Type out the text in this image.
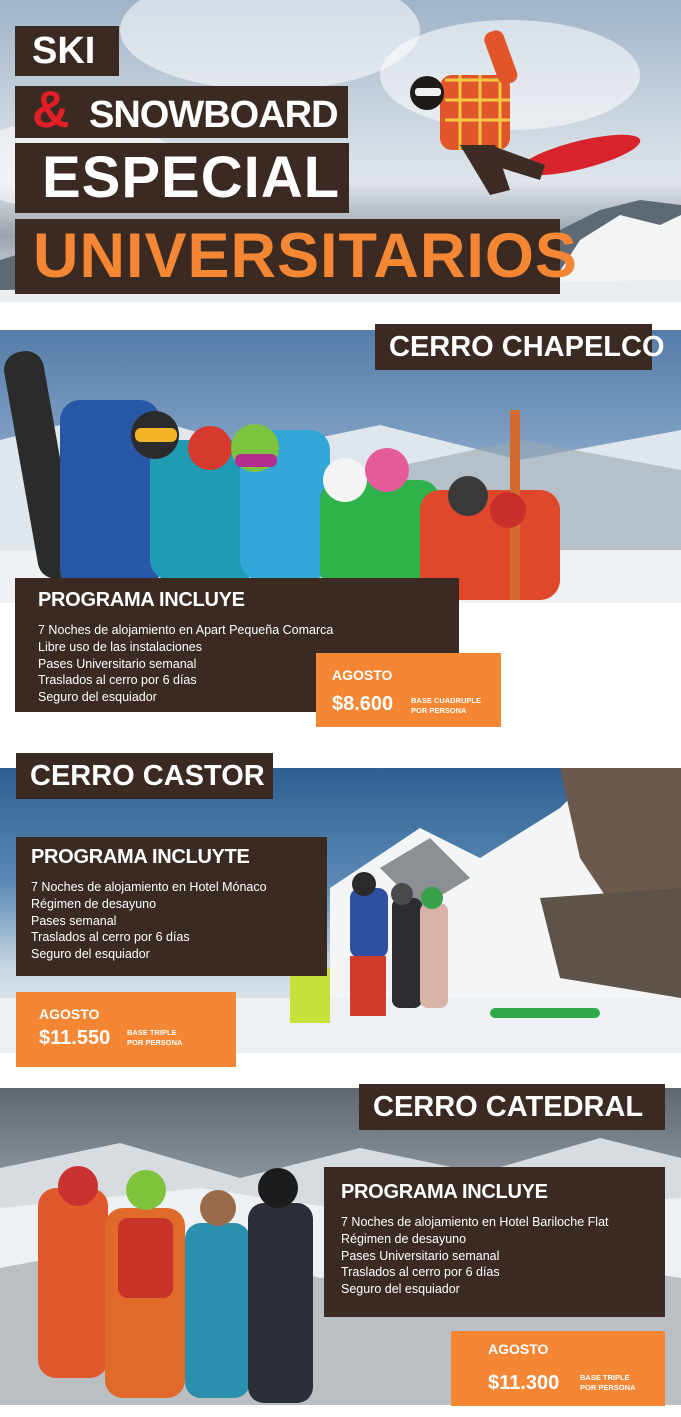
SKI
& SNOWBOARD
ESPECIAL
UNIVERSITARIOS
CERRO CHAPELCO
PROGRAMA INCLUYE
7 Noches de alojamiento en Apart Pequeña Comarca
Libre uso de las instalaciones
Pases Universitario semanal
Traslados al cerro por 6 días
Seguro del esquiador
AGOSTO
$8.600 BASE CUADRUPLE
POR PERSONA
CERRO CASTOR
PROGRAMA INCLUYTE
7 Noches de alojamiento en Hotel Mónaco
Régimen de desayuno
Pases semanal
Traslados al cerro por 6 días
Seguro del esquiador
AGOSTO
$11.550 BASE TRIPLE
POR PERSONA
CERRO CATEDRAL
PROGRAMA INCLUYE
7 Noches de alojamiento en Hotel Bariloche Flat
Régimen de desayuno
Pases Universitario semanal
Traslados al cerro por 6 días
Seguro del esquiador
AGOSTO
$11.300	BASE TRIPLE
POR PERSONA
